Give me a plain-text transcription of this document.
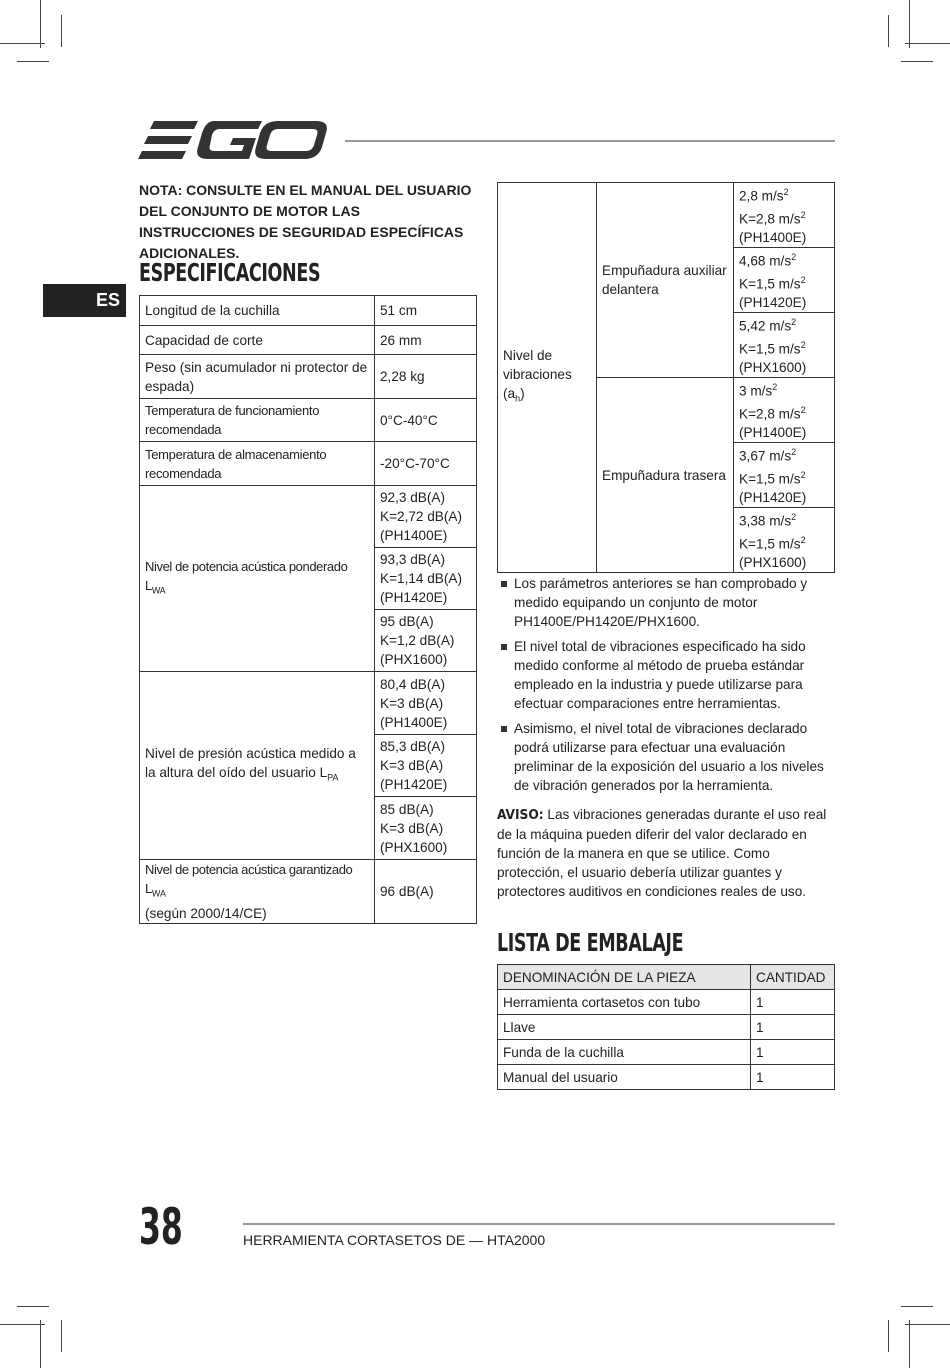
ES
NOTA: CONSULTE EN EL MANUAL DEL USUARIO DEL CONJUNTO DE MOTOR LAS INSTRUCCIONES DE SEGURIDAD ESPECÍFICAS ADICIONALES.
ESPECIFICACIONES
Longitud de la cuchilla	51 cm
Capacidad de corte	26 mm
Peso (sin acumulador ni protector de espada)	2,28 kg
Temperatura de funcionamiento recomendada	0°C-40°C
Temperatura de almacenamiento recomendada	-20°C-70°C
Nivel de potencia acústica ponderado $L_{WA}$	92,3 dB(A)
K=2,72 dB(A)
(PH1400E)
	93,3 dB(A)
K=1,14 dB(A)
(PH1420E)
	95 dB(A)
K=1,2 dB(A)
(PHX1600)
Nivel de presión acústica medido a la altura del oído del usuario $L_{PA}$	80,4 dB(A)
K=3 dB(A)
(PH1400E)
	85,3 dB(A)
K=3 dB(A)
(PH1420E)
	85 dB(A)
K=3 dB(A)
(PHX1600)
Nivel de potencia acústica garantizado $L_{WA}$
(según 2000/14/CE)	96 dB(A)
Nivel de vibraciones $(a_h)$	Empuñadura auxiliar delantera	2,8 $m/s^2$
K=2,8 $m/s^2$
(PH1400E)
		4,68 $m/s^2$
K=1,5 $m/s^2$
(PH1420E)
		5,42 $m/s^2$
K=1,5 $m/s^2$
(PHX1600)
	Empuñadura trasera	3 $m/s^2$
K=2,8 $m/s^2$
(PH1400E)
		3,67 $m/s^2$
K=1,5 $m/s^2$
(PH1420E)
		3,38 $m/s^2$
K=1,5 $m/s^2$
(PHX1600)
Los parámetros anteriores se han comprobado y medido equipando un conjunto de motor PH1400E/PH1420E/PHX1600.
El nivel total de vibraciones especificado ha sido medido conforme al método de prueba estándar empleado en la industria y puede utilizarse para efectuar comparaciones entre herramientas.
Asimismo, el nivel total de vibraciones declarado podrá utilizarse para efectuar una evaluación preliminar de la exposición del usuario a los niveles de vibración generados por la herramienta.
AVISO: Las vibraciones generadas durante el uso real de la máquina pueden diferir del valor declarado en función de la manera en que se utilice. Como protección, el usuario debería utilizar guantes y protectores auditivos en condiciones reales de uso.
LISTA DE EMBALAJE
DENOMINACIÓN DE LA PIEZA	CANTIDAD
Herramienta cortasetos con tubo	1
Llave	1
Funda de la cuchilla	1
Manual del usuario	1
38	HERRAMIENTA CORTASETOS DE — HTA2000
